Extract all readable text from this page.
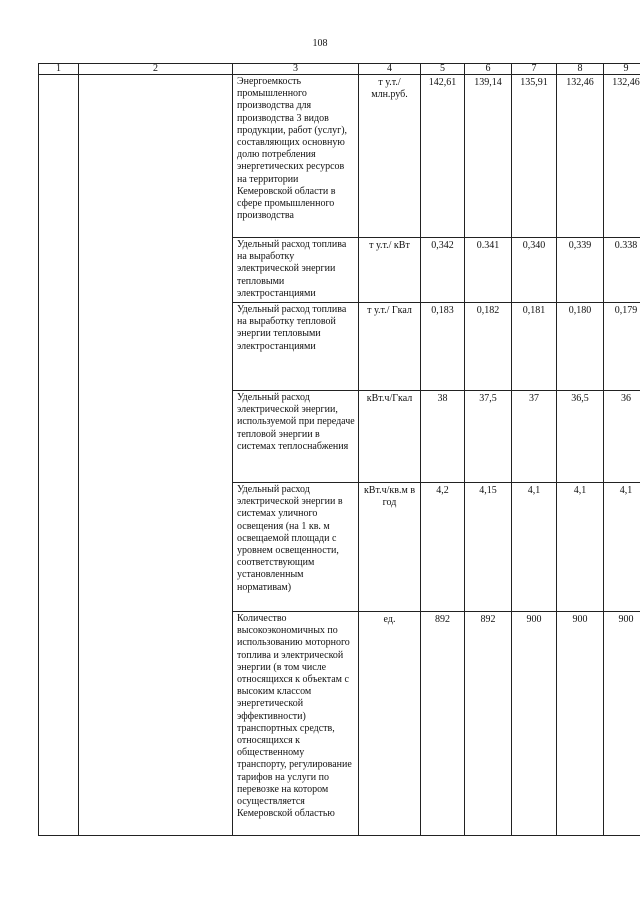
108
1	2	3	4	5	6	7	8	9
		Энергоемкость промышленного производства для производства 3 видов продукции, работ (услуг), составляющих основную долю потребления энергетических ресурсов на территории Кемеровской области в сфере промышленного производства	т у.т./ млн.руб.	142,61	139,14	135,91	132,46	132,46
		Удельный расход топлива на выработку электрической энергии тепловыми электростанциями	т у.т./ кВт	0,342	0.341	0,340	0,339	0.338
		Удельный расход топлива на выработку тепловой энергии тепловыми электростанциями	т у.т./ Гкал	0,183	0,182	0,181	0,180	0,179
		Удельный расход электрической энергии, используемой при передаче тепловой энергии в системах теплоснабжения	кВт.ч/Гкал	38	37,5	37	36,5	36
		Удельный расход электрической энергии в системах уличного освещения (на 1 кв. м освещаемой площади с уровнем освещенности, соответствующим установленным нормативам)	кВт.ч/кв.м в год	4,2	4,15	4,1	4,1	4,1
		Количество высокоэкономичных по использованию моторного топлива и электрической энергии (в том числе относящихся к объектам с высоким классом энергетической эффективности) транспортных средств, относящихся к общественному транспорту, регулирование тарифов на услуги по перевозке на котором осуществляется Кемеровской областью	ед.	892	892	900	900	900
